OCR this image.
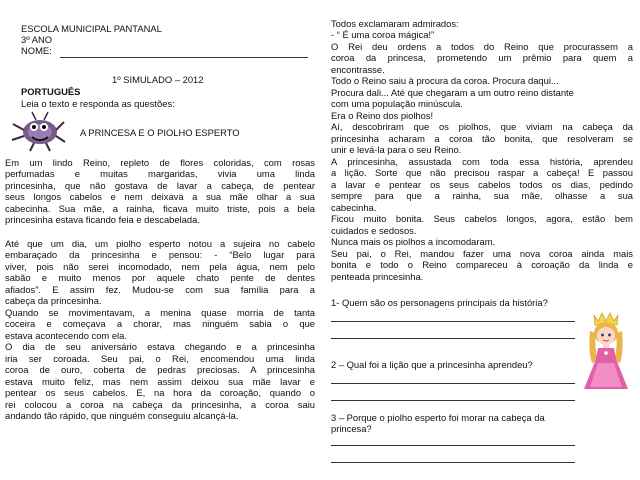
ESCOLA MUNICIPAL PANTANAL
3º ANO
NOME:
1º SIMULADO – 2012
PORTUGUÊS
Leia o texto e responda as questões:
A PRINCESA E O PIOLHO ESPERTO
Em um lindo Reino, repleto de flores coloridas, com rosas
perfumadas e muitas margaridas, vivia uma linda
princesinha, que não gostava de lavar a cabeça, de pentear
seus longos cabelos e nem deixava a sua mãe olhar a sua
cabecinha. Sua mãe, a rainha, ficava muito triste, pois a bela
princesinha estava ficando feia e descabelada.
Até que um dia, um piolho esperto notou a sujeira no cabelo
embaraçado da princesinha e pensou: - “Belo lugar para
viver, pois não serei incomodado, nem pela água, nem pelo
sabão e muito menos por aquele chato pente de dentes
afiados”. E assim fez. Mudou-se com sua família para a
cabeça da princesinha.
Quando se movimentavam, a menina quase morria de tanta
coceira e começava a chorar, mas ninguém sabia o que
estava acontecendo com ela.
O dia de seu aniversário estava chegando e a princesinha
iria ser coroada. Seu pai, o Rei, encomendou uma linda
coroa de ouro, coberta de pedras preciosas. A princesinha
estava muito feliz, mas nem assim deixou sua mãe lavar e
pentear os seus cabelos. E, na hora da coroação, quando o
rei colocou a coroa na cabeça da princesinha, a coroa saiu
andando tão rápido, que ninguém conseguiu alcançá-la.
Todos exclamaram admirados:
- “ É uma coroa mágica!”
O Rei deu ordens a todos do Reino que procurassem a
coroa da princesa, prometendo um prêmio para quem a
encontrasse.
Todo o Reino saiu à procura da coroa. Procura daqui...
Procura dali... Até que chegaram a um outro reino distante
com uma população minúscula.
Era o Reino dos piolhos!
Aí, descobriram que os piolhos, que viviam na cabeça da
princesinha acharam a coroa tão bonita, que resolveram se
unir e levá-la para o seu Reino.
A princesinha, assustada com toda essa história, aprendeu
a lição. Sorte que não precisou raspar a cabeça! E passou
a lavar e pentear os seus cabelos todos os dias, pedindo
sempre para que a rainha, sua mãe, olhasse a sua
cabecinha.
Ficou muito bonita. Seus cabelos longos, agora, estão bem
cuidados e sedosos.
Nunca mais os piolhos a incomodaram.
Seu pai, o Rei, mandou fazer uma nova coroa ainda mais
bonita e todo o Reino compareceu à coroação da linda e
penteada princesinha.
1- Quem são os personagens principais da história?
2 – Qual foi a lição que a princesinha aprendeu?
3 – Porque o piolho esperto foi morar na cabeça da
princesa?
